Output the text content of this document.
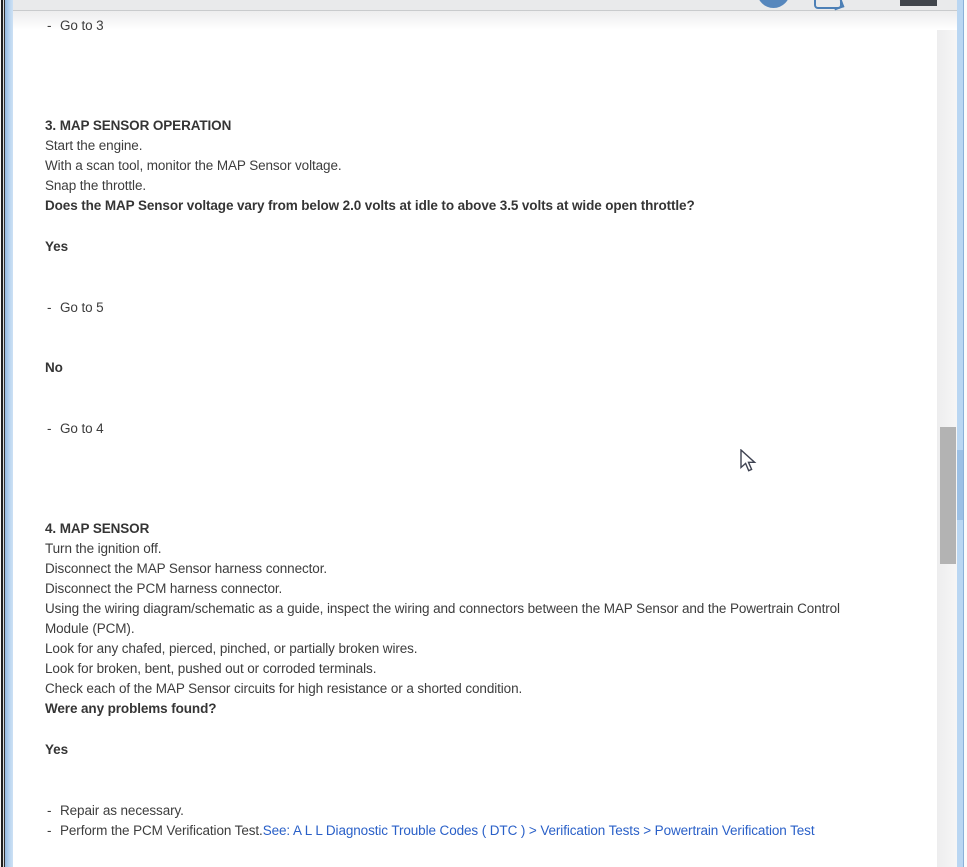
- Go to 3
3. MAP SENSOR OPERATION
Start the engine.
With a scan tool, monitor the MAP Sensor voltage.
Snap the throttle.
Does the MAP Sensor voltage vary from below 2.0 volts at idle to above 3.5 volts at wide open throttle?
Yes
- Go to 5
No
- Go to 4
4. MAP SENSOR
Turn the ignition off.
Disconnect the MAP Sensor harness connector.
Disconnect the PCM harness connector.
Using the wiring diagram/schematic as a guide, inspect the wiring and connectors between the MAP Sensor and the Powertrain Control
Module (PCM).
Look for any chafed, pierced, pinched, or partially broken wires.
Look for broken, bent, pushed out or corroded terminals.
Check each of the MAP Sensor circuits for high resistance or a shorted condition.
Were any problems found?
Yes
- Repair as necessary.
- Perform the PCM Verification Test. See: A L L Diagnostic Trouble Codes ( DTC ) > Verification Tests > Powertrain Verification Test
